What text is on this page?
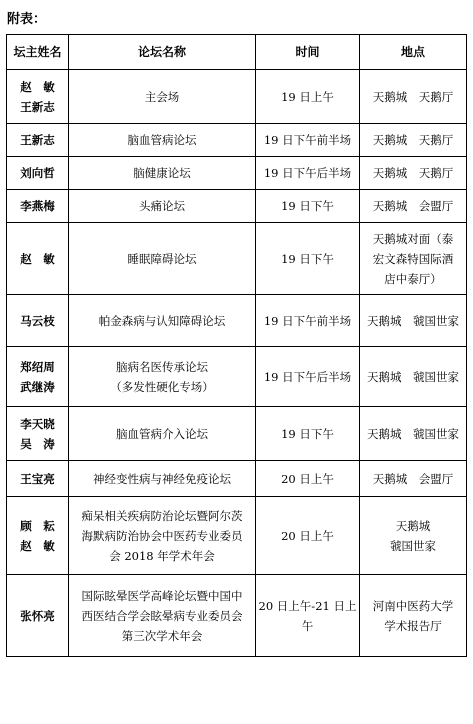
附表：
坛主姓名	论坛名称	时间	地点

赵　敏
王新志	主会场	19 日上午	天鹅城　天鹅厅

王新志	脑血管病论坛	19 日下午前半场	天鹅城　天鹅厅

刘向哲	脑健康论坛	19 日下午后半场	天鹅城　天鹅厅

李燕梅	头痛论坛	19 日下午	天鹅城　会盟厅

赵　敏	睡眠障碍论坛	19 日下午	天鹅城对面（泰
宏文森特国际酒
店中泰厅）

马云枝	帕金森病与认知障碍论坛	19 日下午前半场	天鹅城　虢国世家

郑绍周
武继涛	脑病名医传承论坛
（多发性硬化专场）	19 日下午后半场	天鹅城　虢国世家

李天晓
吴　涛	脑血管病介入论坛	19 日下午	天鹅城　虢国世家

王宝亮	神经变性病与神经免疫论坛	20 日上午	天鹅城　会盟厅

顾　耘
赵　敏	痴呆相关疾病防治论坛暨阿尔茨
海默病防治协会中医药专业委员
会 2018 年学术年会	20 日上午	天鹅城
虢国世家

张怀亮	国际眩晕医学高峰论坛暨中国中
西医结合学会眩晕病专业委员会
第三次学术年会	20 日上午-21 日上
午	河南中医药大学
学术报告厅
